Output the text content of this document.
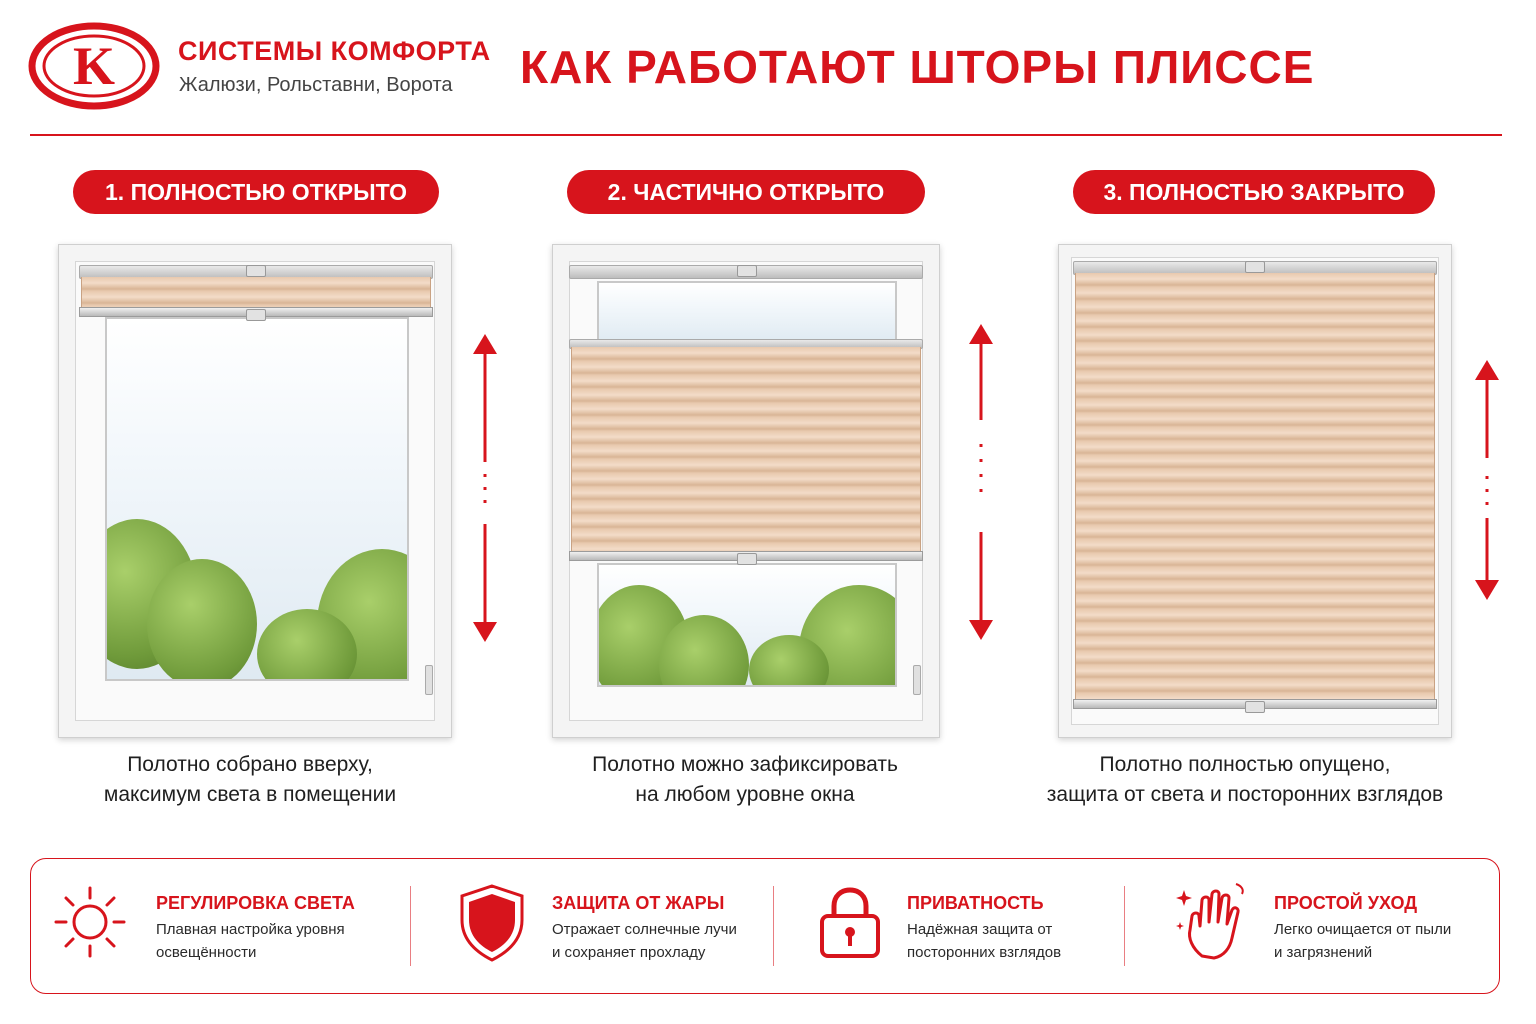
K СИСТЕМЫ КОМФОРТА
Жалюзи, Рольставни, Ворота КАК РАБОТАЮТ ШТОРЫ ПЛИССЕ
1. ПОЛНОСТЬЮ ОТКРЫТО	2. ЧАСТИЧНО ОТКРЫТО	3. ПОЛНОСТЬЮ ЗАКРЫТО
Полотно собрано вверху,
максимум света в помещении
Полотно можно зафиксировать
на любом уровне окна
Полотно полностью опущено,
защита от света и посторонних взглядов
РЕГУЛИРОВКА СВЕТА
Плавная настройка уровня
освещённости
ЗАЩИТА ОТ ЖАРЫ
Отражает солнечные лучи
и сохраняет прохладу
ПРИВАТНОСТЬ
Надёжная защита от
посторонних взглядов
ПРОСТОЙ УХОД
Легко очищается от пыли
и загрязнений
